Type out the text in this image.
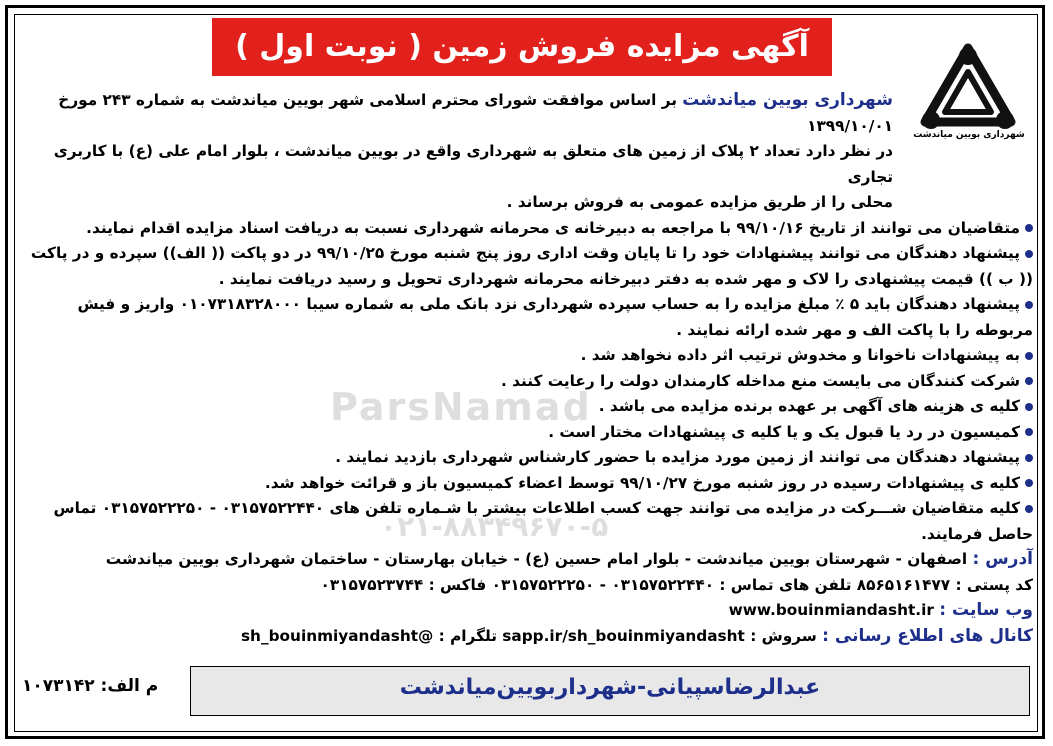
آگهی مزایده فروش زمین ( نوبت اول )
شهرداری بویین میاندشت
ParsNamad
۰۲۱-۸۸۳۴۹۶۷۰-۵

شهرداری بویین میاندشت بر اساس موافقت شورای محترم اسلامی شهر بویین میاندشت به شماره ۲۴۳ مورخ ۱۳۹۹/۱۰/۰۱

در نظر دارد تعداد ۲ پلاک از زمین های متعلق به شهرداری واقع در بویین میاندشت ، بلوار امام علی (ع) با کاربری تجاری

محلی را از طریق مزایده عمومی به فروش برساند .

متقاضیان می توانند از تاریخ ۹۹/۱۰/۱۶ با مراجعه به دبیرخانه ی محرمانه شهرداری نسبت به دریافت اسناد مزایده اقدام نمایند.

پیشنهاد دهندگان می توانند پیشنهادات خود را تا پایان وقت اداری روز پنج شنبه مورخ ۹۹/۱۰/۲۵ در دو پاکت (( الف)) سپرده و در پاکت (( ب )) قیمت پیشنهادی را لاک و مهر شده به دفتر دبیرخانه محرمانه شهرداری تحویل و رسید دریافت نمایند .

پیشنهاد دهندگان باید ۵ ٪ مبلغ مزایده را به حساب سپرده شهرداری نزد بانک ملی به شماره سیبا ۰۱۰۷۳۱۸۳۲۸۰۰۰ واریز و فیش مربوطه را با پاکت الف و مهر شده ارائه نمایند .

به پیشنهادات ناخوانا و مخدوش ترتیب اثر داده نخواهد شد .

شرکت کنندگان می بایست منع مداخله کارمندان دولت را رعایت کنند .

کلیه ی هزینه های آگهی بر عهده برنده مزایده می باشد .

کمیسیون در رد یا قبول یک و یا کلیه ی پیشنهادات مختار است .

پیشنهاد دهندگان می توانند از زمین مورد مزایده با حضور کارشناس شهرداری بازدید نمایند .

کلیه ی پیشنهادات رسیده در روز شنبه مورخ ۹۹/۱۰/۲۷ توسط اعضاء کمیسیون باز و قرائت خواهد شد.

کلیه متقاضیان شـــرکت در مزایده می توانند جهت کسب اطلاعات بیشتر با شـماره تلفن های ۰۳۱۵۷۵۲۲۴۴۰ - ۰۳۱۵۷۵۲۲۲۵۰ تماس حاصل فرمایند.

آدرس : اصفهان - شهرستان بویین میاندشت - بلوار امام حسین (ع) - خیابان بهارستان - ساختمان شهرداری بویین میاندشت

کد پستی : ۸۵۶۵۱۶۱۴۷۷ تلفن های تماس : ۰۳۱۵۷۵۲۲۴۴۰ - ۰۳۱۵۷۵۲۲۲۵۰ فاکس : ۰۳۱۵۷۵۲۳۷۴۴

وب سایت : www.bouinmiandasht.ir

کانال های اطلاع رسانی : سروش : sapp.ir/sh_bouinmiyandasht تلگرام : @sh_bouinmiyandasht

عبدالرضاسپیانی-شهرداربویین‌میاندشت
م الف: ۱۰۷۳۱۴۲
